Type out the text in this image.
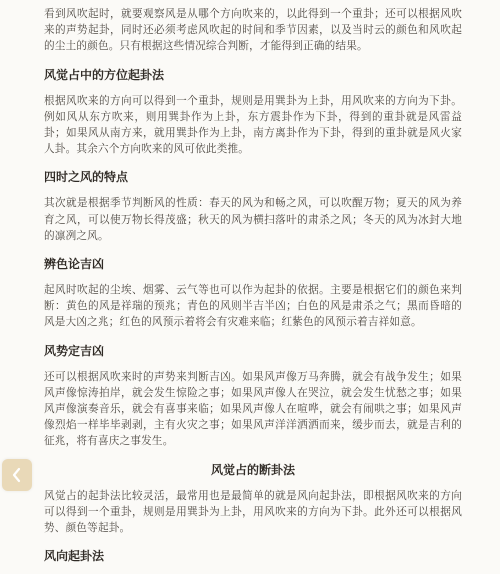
看到风吹起时，就要观察风是从哪个方向吹来的，以此得到一个重卦；还可以根据风吹来的声势起卦，同时还必须考虑风吹起的时间和季节因素，以及当时云的颜色和风吹起的尘土的颜色。只有根据这些情况综合判断，才能得到正确的结果。

风觉占中的方位起卦法

根据风吹来的方向可以得到一个重卦，规则是用巽卦为上卦，用风吹来的方向为下卦。例如风从东方吹来，则用巽卦作为上卦，东方震卦作为下卦，得到的重卦就是风雷益卦；如果风从南方来，就用巽卦作为上卦，南方离卦作为下卦，得到的重卦就是风火家人卦。其余六个方向吹来的风可依此类推。

四时之风的特点

其次就是根据季节判断风的性质：春天的风为和畅之风，可以吹醒万物；夏天的风为养育之风，可以使万物长得茂盛；秋天的风为横扫落叶的肃杀之风；冬天的风为冰封大地的凛冽之风。

辨色论吉凶

起风时吹起的尘埃、烟雾、云气等也可以作为起卦的依据。主要是根据它们的颜色来判断：黄色的风是祥瑞的预兆；青色的风则半吉半凶；白色的风是肃杀之气；黑而昏暗的风是大凶之兆；红色的风预示着将会有灾难来临；红紫色的风预示着吉祥如意。

风势定吉凶

还可以根据风吹来时的声势来判断吉凶。如果风声像万马奔腾，就会有战争发生；如果风声像惊涛拍岸，就会发生惊险之事；如果风声像人在哭泣，就会发生忧愁之事；如果风声像演奏音乐，就会有喜事来临；如果风声像人在喧哗，就会有闹哄之事；如果风声像烈焰一样毕毕剥剥，主有火灾之事；如果风声洋洋洒洒而来，缓步而去，就是吉利的征兆，将有喜庆之事发生。

风觉占的断卦法

风觉占的起卦法比较灵活，最常用也是最简单的就是风向起卦法，即根据风吹来的方向可以得到一个重卦，规则是用巽卦为上卦，用风吹来的方向为下卦。此外还可以根据风势、颜色等起卦。

风向起卦法
